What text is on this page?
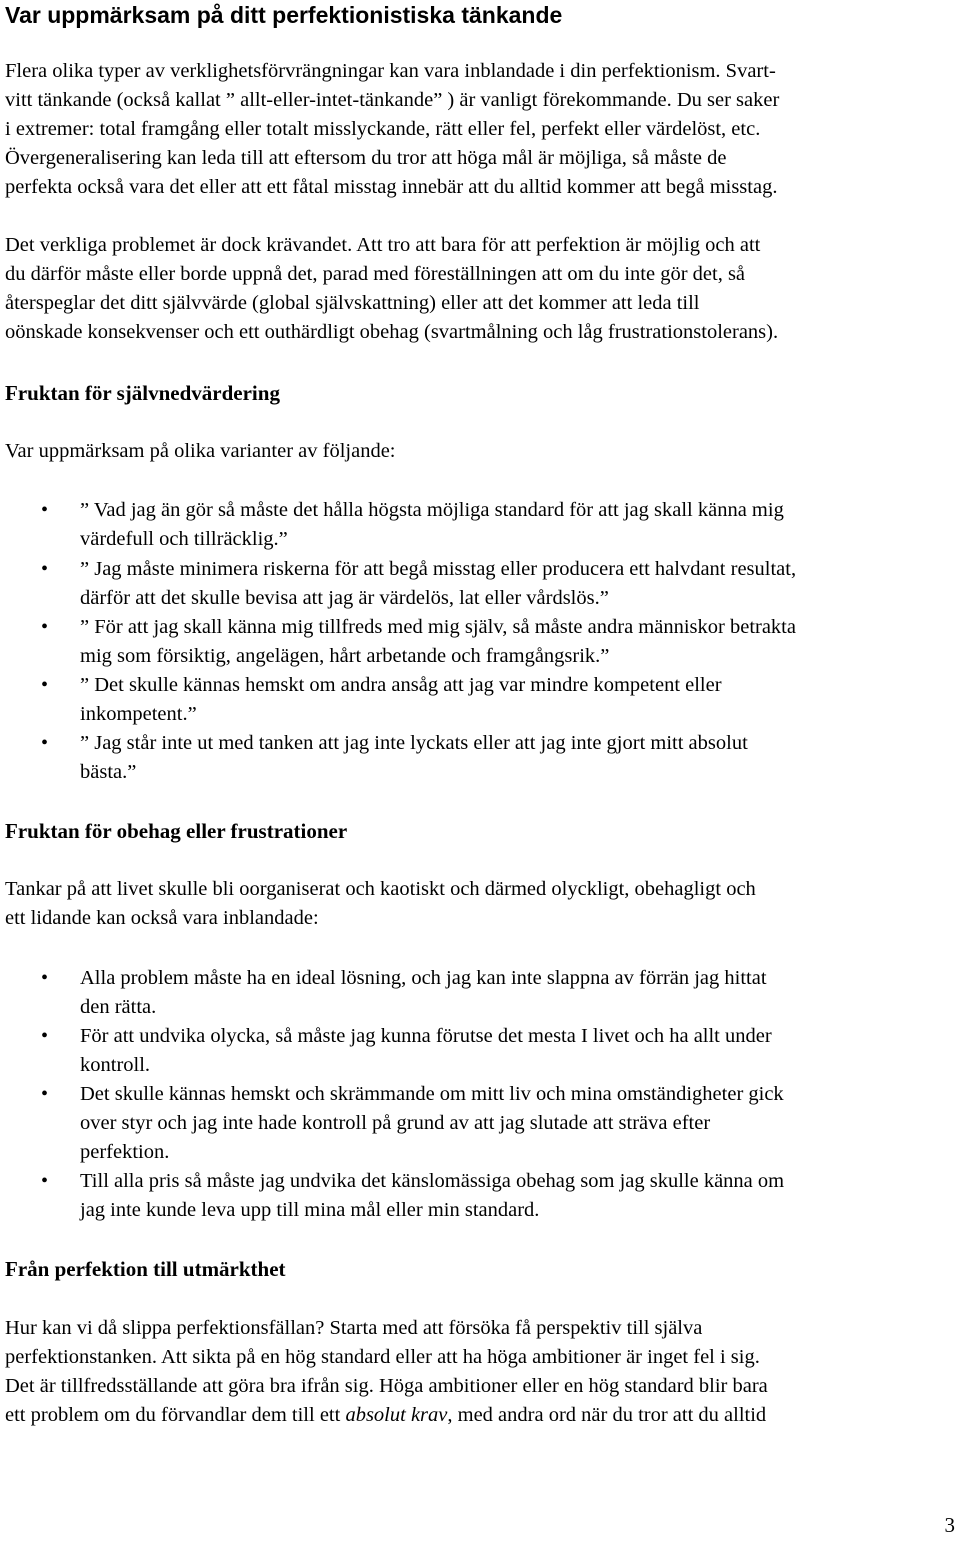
Var uppmärksam på ditt perfektionistiska tänkande
Flera olika typer av verklighetsförvrängningar kan vara inblandade i din perfektionism. Svart-
vitt tänkande (också kallat ” allt-eller-intet-tänkande” ) är vanligt förekommande. Du ser saker
i extremer: total framgång eller totalt misslyckande, rätt eller fel, perfekt eller värdelöst, etc.
Övergeneralisering kan leda till att eftersom du tror att höga mål är möjliga, så måste de
perfekta också vara det eller att ett fåtal misstag innebär att du alltid kommer att begå misstag.
Det verkliga problemet är dock krävandet. Att tro att bara för att perfektion är möjlig och att
du därför måste eller borde uppnå det, parad med föreställningen att om du inte gör det, så
återspeglar det ditt självvärde (global självskattning) eller att det kommer att leda till
oönskade konsekvenser och ett outhärdligt obehag (svartmålning och låg frustrationstolerans).
Fruktan för självnedvärdering
Var uppmärksam på olika varianter av följande:
• ” Vad jag än gör så måste det hålla högsta möjliga standard för att jag skall känna mig
värdefull och tillräcklig.”
• ” Jag måste minimera riskerna för att begå misstag eller producera ett halvdant resultat,
därför att det skulle bevisa att jag är värdelös, lat eller vårdslös.”
• ” För att jag skall känna mig tillfreds med mig själv, så måste andra människor betrakta
mig som försiktig, angelägen, hårt arbetande och framgångsrik.”
• ” Det skulle kännas hemskt om andra ansåg att jag var mindre kompetent eller
inkompetent.”
• ” Jag står inte ut med tanken att jag inte lyckats eller att jag inte gjort mitt absolut
bästa.”
Fruktan för obehag eller frustrationer
Tankar på att livet skulle bli oorganiserat och kaotiskt och därmed olyckligt, obehagligt och
ett lidande kan också vara inblandade:
• Alla problem måste ha en ideal lösning, och jag kan inte slappna av förrän jag hittat
den rätta.
• För att undvika olycka, så måste jag kunna förutse det mesta I livet och ha allt under
kontroll.
• Det skulle kännas hemskt och skrämmande om mitt liv och mina omständigheter gick
over styr och jag inte hade kontroll på grund av att jag slutade att sträva efter
perfektion.
• Till alla pris så måste jag undvika det känslomässiga obehag som jag skulle känna om
jag inte kunde leva upp till mina mål eller min standard.
Från perfektion till utmärkthet
Hur kan vi då slippa perfektionsfällan? Starta med att försöka få perspektiv till själva
perfektionstanken. Att sikta på en hög standard eller att ha höga ambitioner är inget fel i sig.
Det är tillfredsställande att göra bra ifrån sig. Höga ambitioner eller en hög standard blir bara
ett problem om du förvandlar dem till ett absolut krav, med andra ord när du tror att du alltid
3
